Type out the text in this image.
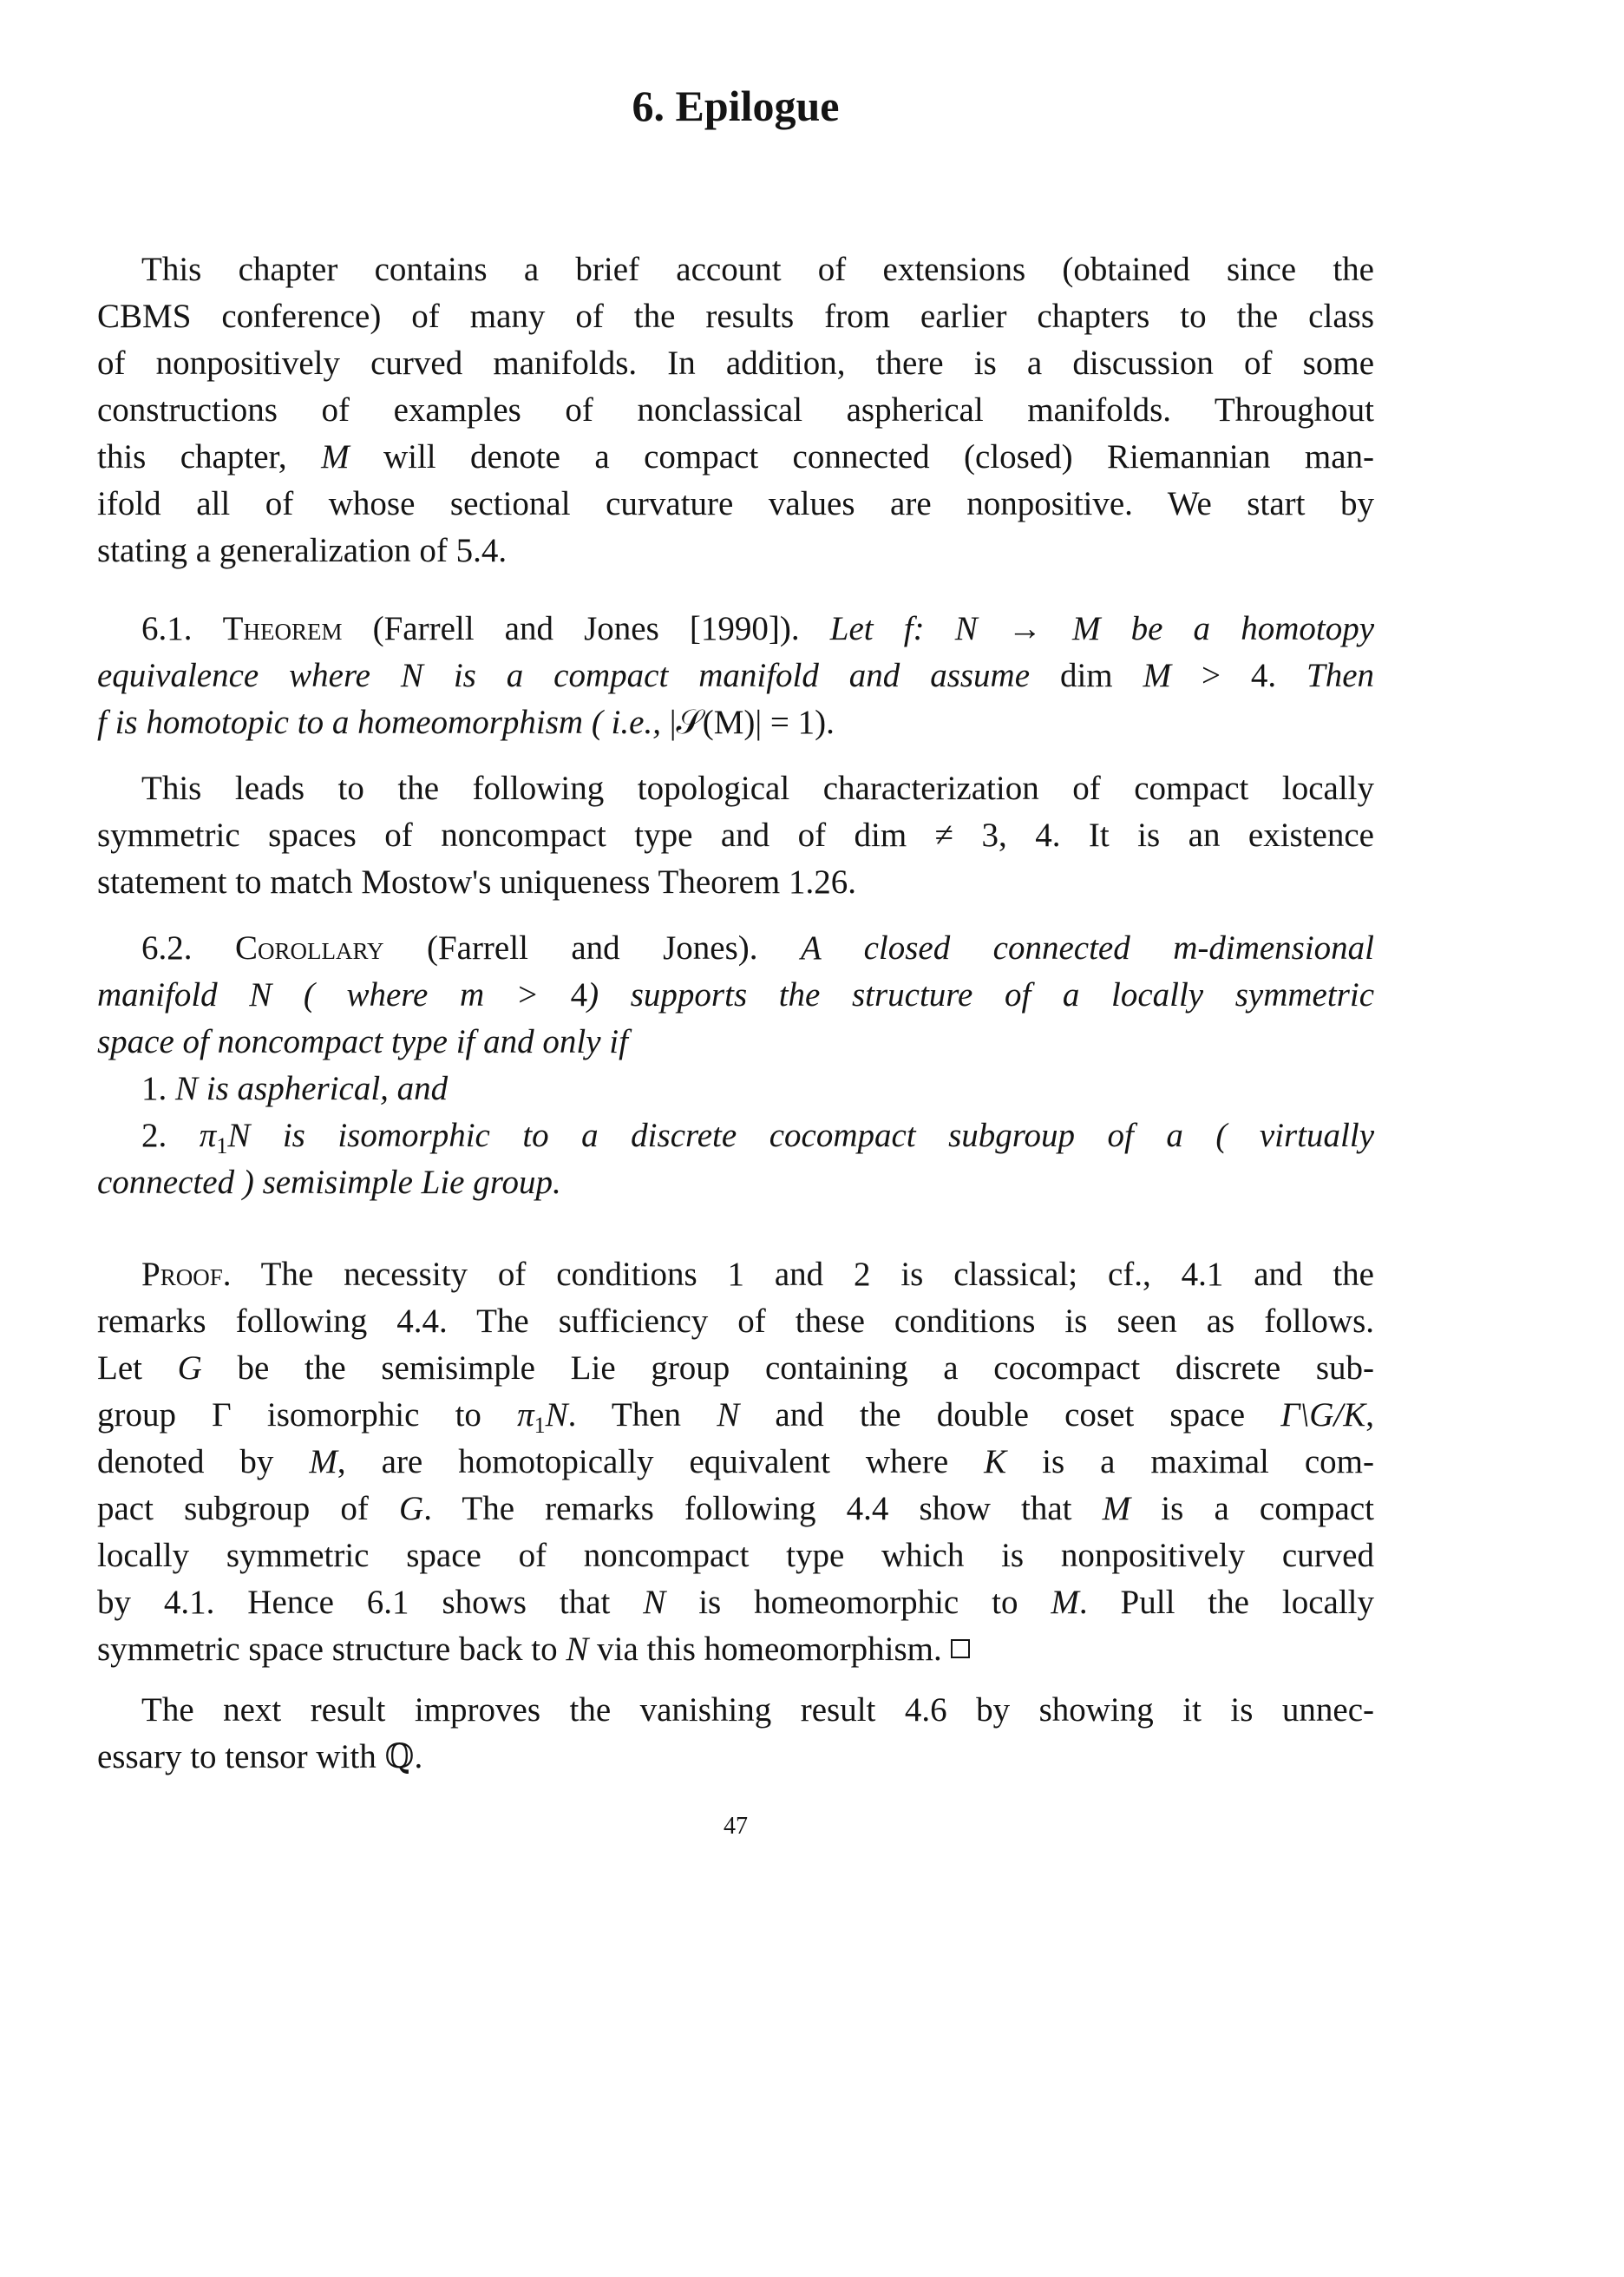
6. Epilogue
This chapter contains a brief account of extensions (obtained since the
CBMS conference) of many of the results from earlier chapters to the class
of nonpositively curved manifolds. In addition, there is a discussion of some
constructions of examples of nonclassical aspherical manifolds. Throughout
this chapter, M will denote a compact connected (closed) Riemannian man-
ifold all of whose sectional curvature values are nonpositive. We start by
stating a generalization of 5.4.
6.1. Theorem (Farrell and Jones [1990]). Let f: N → M be a homotopy
equivalence where N is a compact manifold and assume dim M > 4. Then
f is homotopic to a homeomorphism ( i.e., |𝒮(M)| = 1).
This leads to the following topological characterization of compact locally
symmetric spaces of noncompact type and of dim ≠ 3, 4. It is an existence
statement to match Mostow's uniqueness Theorem 1.26.
6.2. Corollary (Farrell and Jones). A closed connected m-dimensional
manifold N ( where m > 4) supports the structure of a locally symmetric
space of noncompact type if and only if
1. N is aspherical, and
2. $\pi_1N$ is isomorphic to a discrete cocompact subgroup of a ( virtually
connected ) semisimple Lie group.
Proof. The necessity of conditions 1 and 2 is classical; cf., 4.1 and the
remarks following 4.4. The sufficiency of these conditions is seen as follows.
Let G be the semisimple Lie group containing a cocompact discrete sub-
group Γ isomorphic to $\pi_1N$. Then N and the double coset space Γ\G/K,
denoted by M, are homotopically equivalent where K is a maximal com-
pact subgroup of G. The remarks following 4.4 show that M is a compact
locally symmetric space of noncompact type which is nonpositively curved
by 4.1. Hence 6.1 shows that N is homeomorphic to M. Pull the locally
symmetric space structure back to N via this homeomorphism.
The next result improves the vanishing result 4.6 by showing it is unnec-
essary to tensor with ℚ.
47
